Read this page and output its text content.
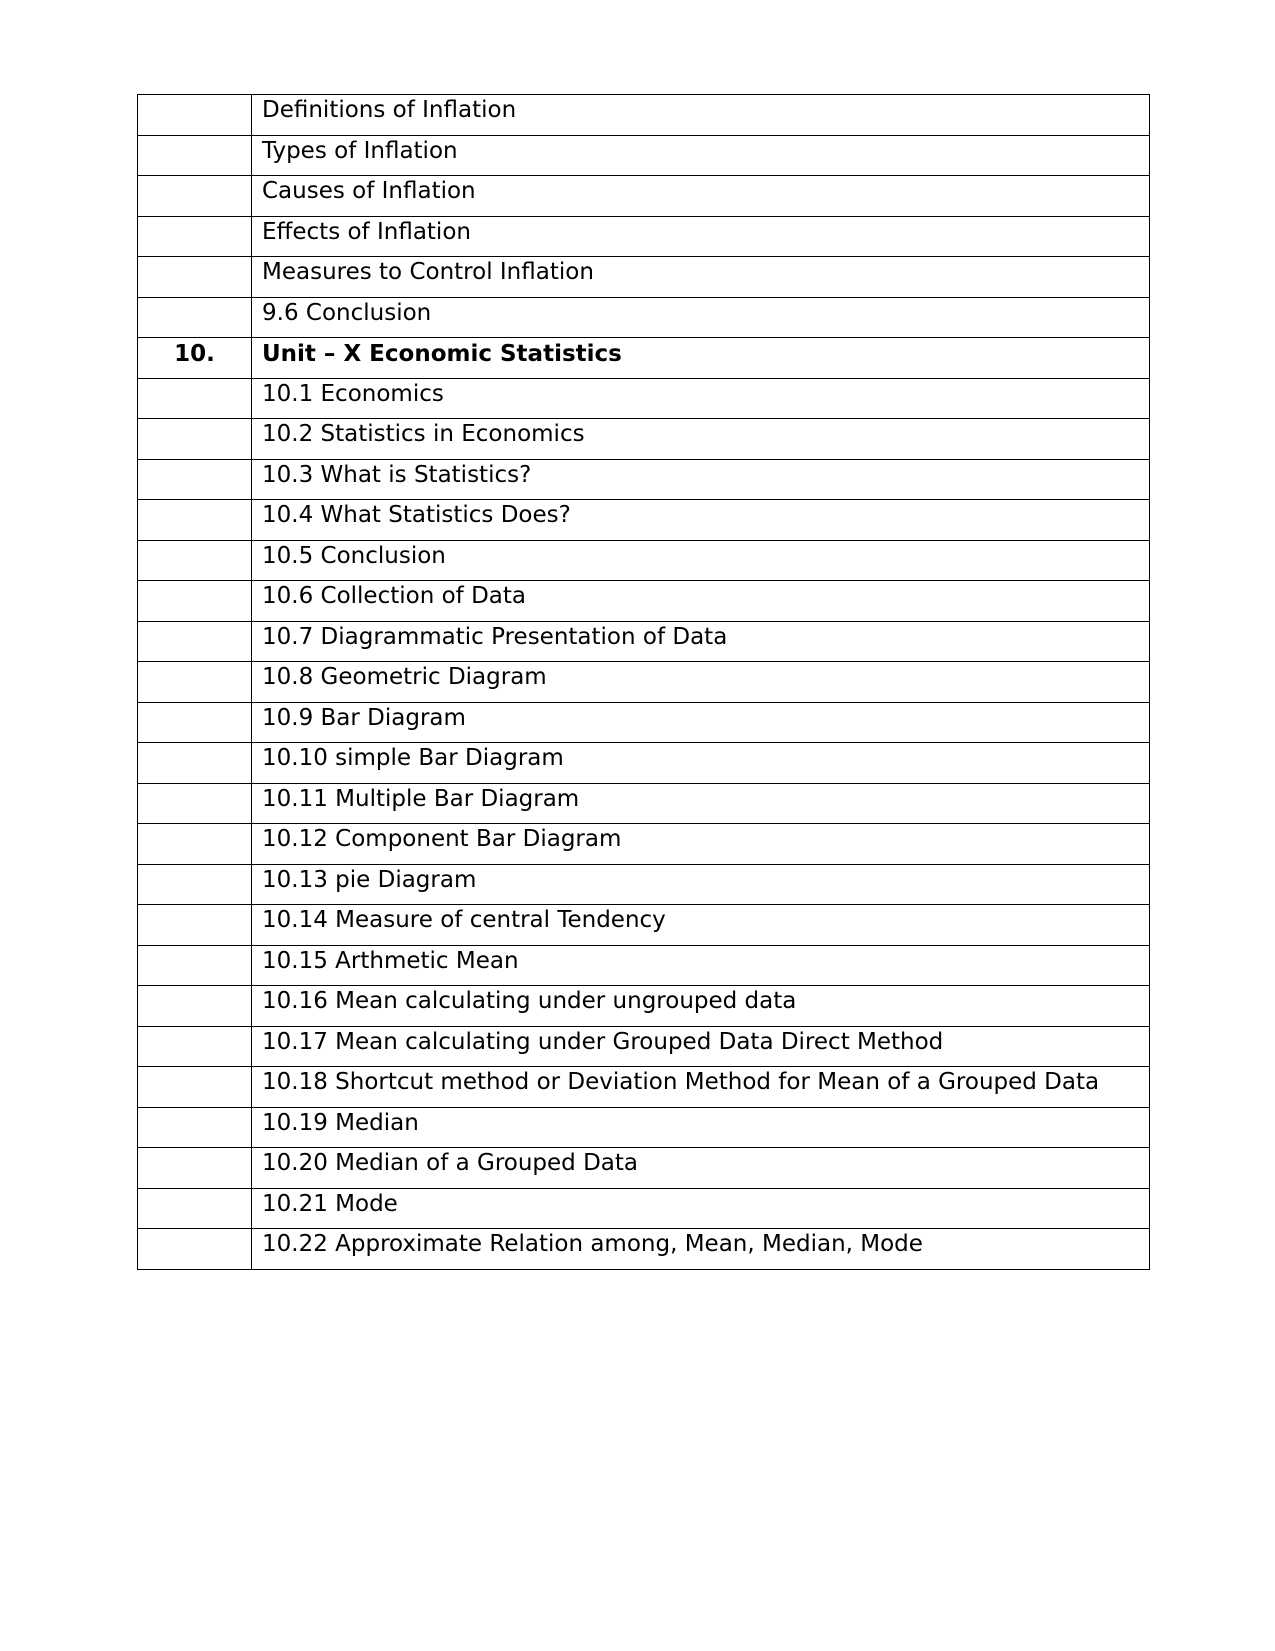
	Definitions of Inflation
	Types of Inflation
	Causes of Inflation
	Effects of Inflation
	Measures to Control Inflation
	9.6 Conclusion
10.	Unit – X Economic Statistics
	10.1 Economics
	10.2 Statistics in Economics
	10.3 What is Statistics?
	10.4 What Statistics Does?
	10.5 Conclusion
	10.6 Collection of Data
	10.7 Diagrammatic Presentation of Data
	10.8 Geometric Diagram
	10.9 Bar Diagram
	10.10 simple Bar Diagram
	10.11 Multiple Bar Diagram
	10.12 Component Bar Diagram
	10.13 pie Diagram
	10.14 Measure of central Tendency
	10.15 Arthmetic Mean
	10.16 Mean calculating under ungrouped data
	10.17 Mean calculating under Grouped Data Direct Method
	10.18 Shortcut method or Deviation Method for Mean of a Grouped Data
	10.19 Median
	10.20 Median of a Grouped Data
	10.21 Mode
	10.22 Approximate Relation among, Mean, Median, Mode
